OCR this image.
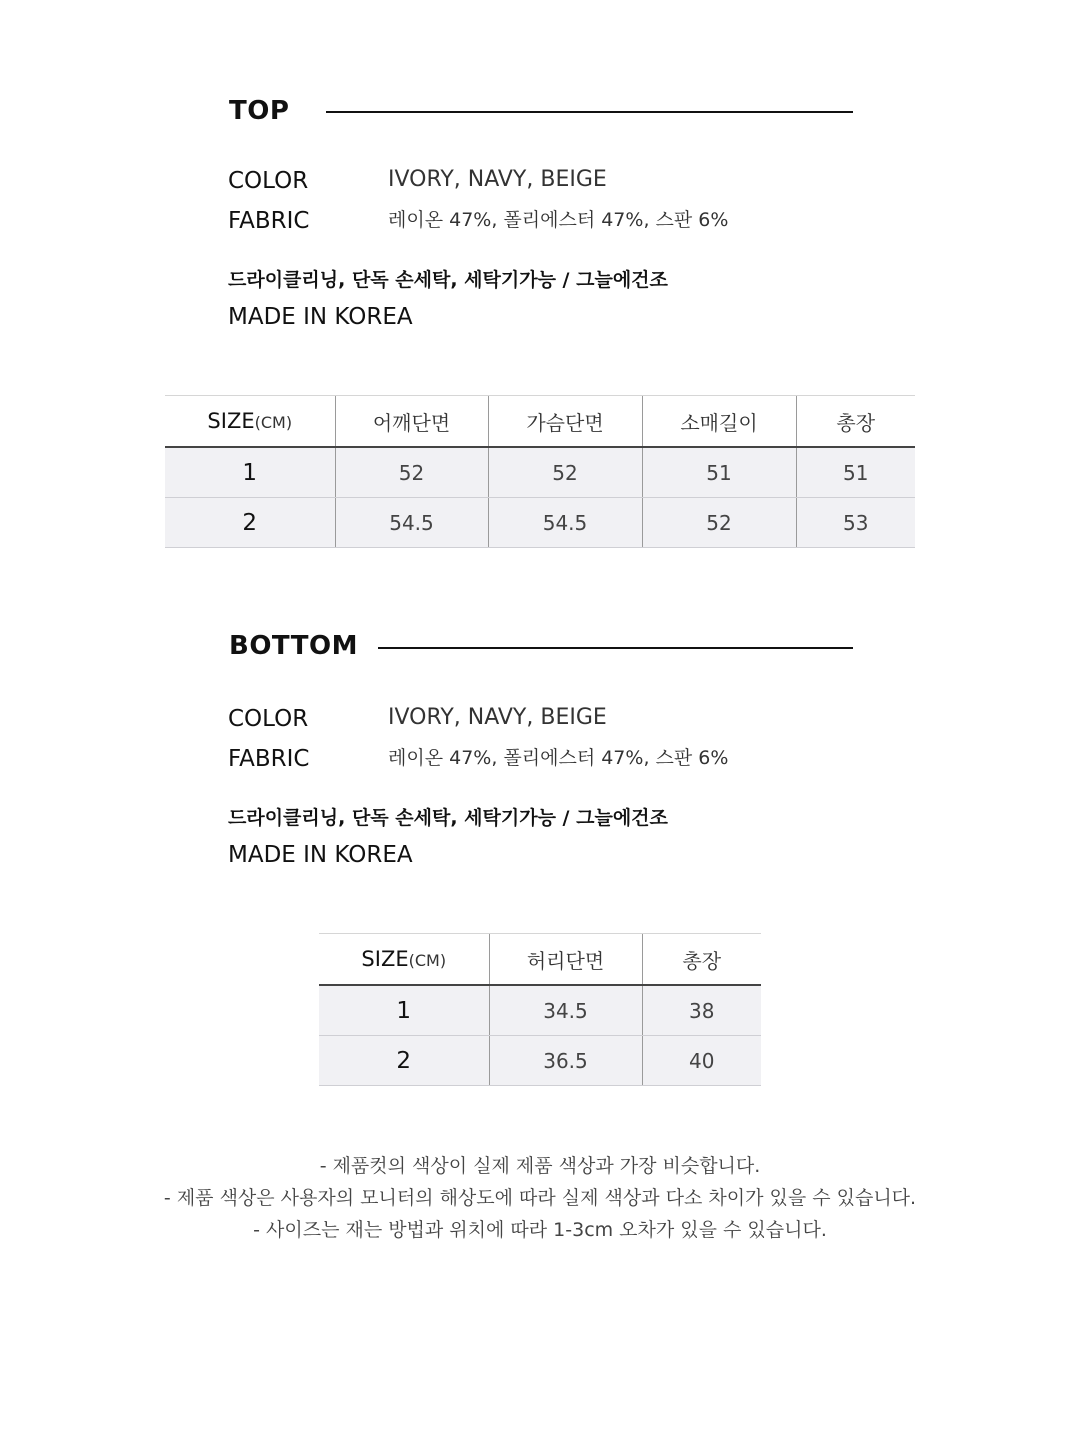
TOP
COLOR	IVORY, NAVY, BEIGE
FABRIC	레이온 47%, 폴리에스터 47%, 스판 6%
드라이클리닝, 단독 손세탁, 세탁기가능 / 그늘에건조
MADE IN KOREA
SIZE(CM)	어깨단면	가슴단면	소매길이	총장
1	52	52	51	51
2	54.5	54.5	52	53
BOTTOM
COLOR	IVORY, NAVY, BEIGE
FABRIC	레이온 47%, 폴리에스터 47%, 스판 6%
드라이클리닝, 단독 손세탁, 세탁기가능 / 그늘에건조
MADE IN KOREA
SIZE(CM)	허리단면	총장
1	34.5	38
2	36.5	40
- 제품컷의 색상이 실제 제품 색상과 가장 비슷합니다.
- 제품 색상은 사용자의 모니터의 해상도에 따라 실제 색상과 다소 차이가 있을 수 있습니다.
- 사이즈는 재는 방법과 위치에 따라 1-3cm 오차가 있을 수 있습니다.
